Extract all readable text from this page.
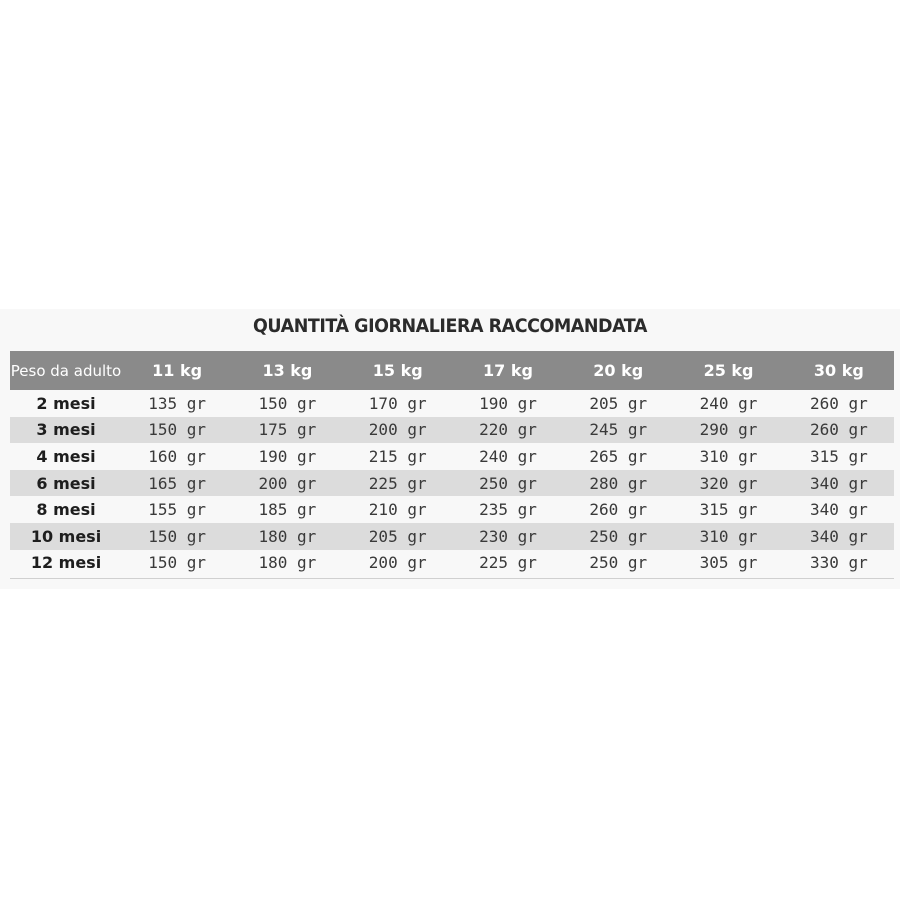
QUANTITÀ GIORNALIERA RACCOMANDATA
Peso da adulto	11 kg	13 kg	15 kg	17 kg	20 kg	25 kg	30 kg
2 mesi	135 gr	150 gr	170 gr	190 gr	205 gr	240 gr	260 gr
3 mesi	150 gr	175 gr	200 gr	220 gr	245 gr	290 gr	260 gr
4 mesi	160 gr	190 gr	215 gr	240 gr	265 gr	310 gr	315 gr
6 mesi	165 gr	200 gr	225 gr	250 gr	280 gr	320 gr	340 gr
8 mesi	155 gr	185 gr	210 gr	235 gr	260 gr	315 gr	340 gr
10 mesi	150 gr	180 gr	205 gr	230 gr	250 gr	310 gr	340 gr
12 mesi	150 gr	180 gr	200 gr	225 gr	250 gr	305 gr	330 gr
